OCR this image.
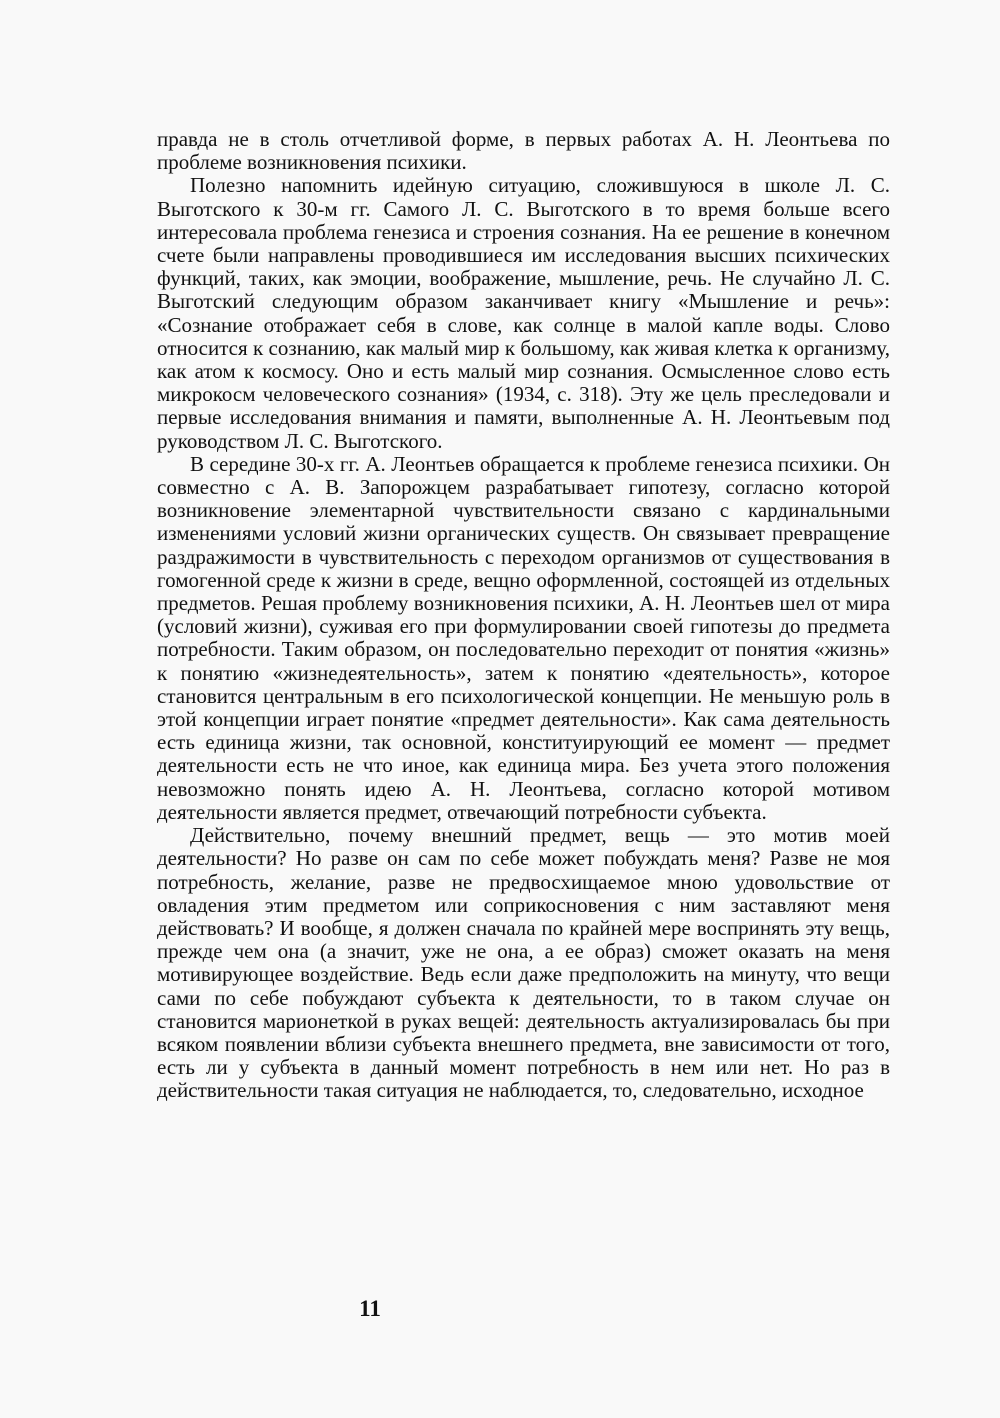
правда не в столь отчетливой форме, в первых работах А. Н. Леонтьева по проблеме возникновения психики.

Полезно напомнить идейную ситуацию, сложившуюся в школе Л. С. Выготского к 30-м гг. Самого Л. С. Выготского в то время больше всего интересовала проблема генезиса и строения сознания. На ее решение в конечном счете были направлены проводившиеся им исследования высших психических функций, таких, как эмоции, воображение, мышление, речь. Не случайно Л. С. Выготский следующим образом заканчивает книгу «Мышление и речь»: «Сознание отображает себя в слове, как солнце в малой капле воды. Слово относится к сознанию, как малый мир к большому, как живая клетка к организму, как атом к космосу. Оно и есть малый мир сознания. Осмысленное слово есть микрокосм человеческого сознания» (1934, с. 318). Эту же цель преследовали и первые исследования внимания и памяти, выполненные А. Н. Леонтьевым под руководством Л. С. Выготского.

В середине 30-х гг. А. Леонтьев обращается к проблеме генезиса психики. Он совместно с А. В. Запорожцем разрабатывает гипотезу, согласно которой возникновение элементарной чувствительности связано с кардинальными изменениями условий жизни органических существ. Он связывает превращение раздражимости в чувствительность с переходом организмов от существования в гомогенной среде к жизни в среде, вещно оформленной, состоящей из отдельных предметов. Решая проблему возникновения психики, А. Н. Леонтьев шел от мира (условий жизни), суживая его при формулировании своей гипотезы до предмета потребности. Таким образом, он последовательно переходит от понятия «жизнь» к понятию «жизнедеятельность», затем к понятию «деятельность», которое становится центральным в его психологической концепции. Не меньшую роль в этой концепции играет понятие «предмет деятельности». Как сама деятельность есть единица жизни, так основной, конституирующий ее момент — предмет деятельности есть не что иное, как единица мира. Без учета этого положения невозможно понять идею А. Н. Леонтьева, согласно которой мотивом деятельности является предмет, отвечающий потребности субъекта.

Действительно, почему внешний предмет, вещь — это мотив моей деятельности? Но разве он сам по себе может побуждать меня? Разве не моя потребность, желание, разве не предвосхищаемое мною удовольствие от овладения этим предметом или соприкосновения с ним заставляют меня действовать? И вообще, я должен сначала по крайней мере воспринять эту вещь, прежде чем она (а значит, уже не она, а ее образ) сможет оказать на меня мотивирующее воздействие. Ведь если даже предположить на минуту, что вещи сами по себе побуждают субъекта к деятельности, то в таком случае он становится марионеткой в руках вещей: деятельность актуализировалась бы при всяком появлении вблизи субъекта внешнего предмета, вне зависимости от того, есть ли у субъекта в данный момент потребность в нем или нет. Но раз в действительности такая ситуация не наблюдается, то, следовательно, исходное

11
